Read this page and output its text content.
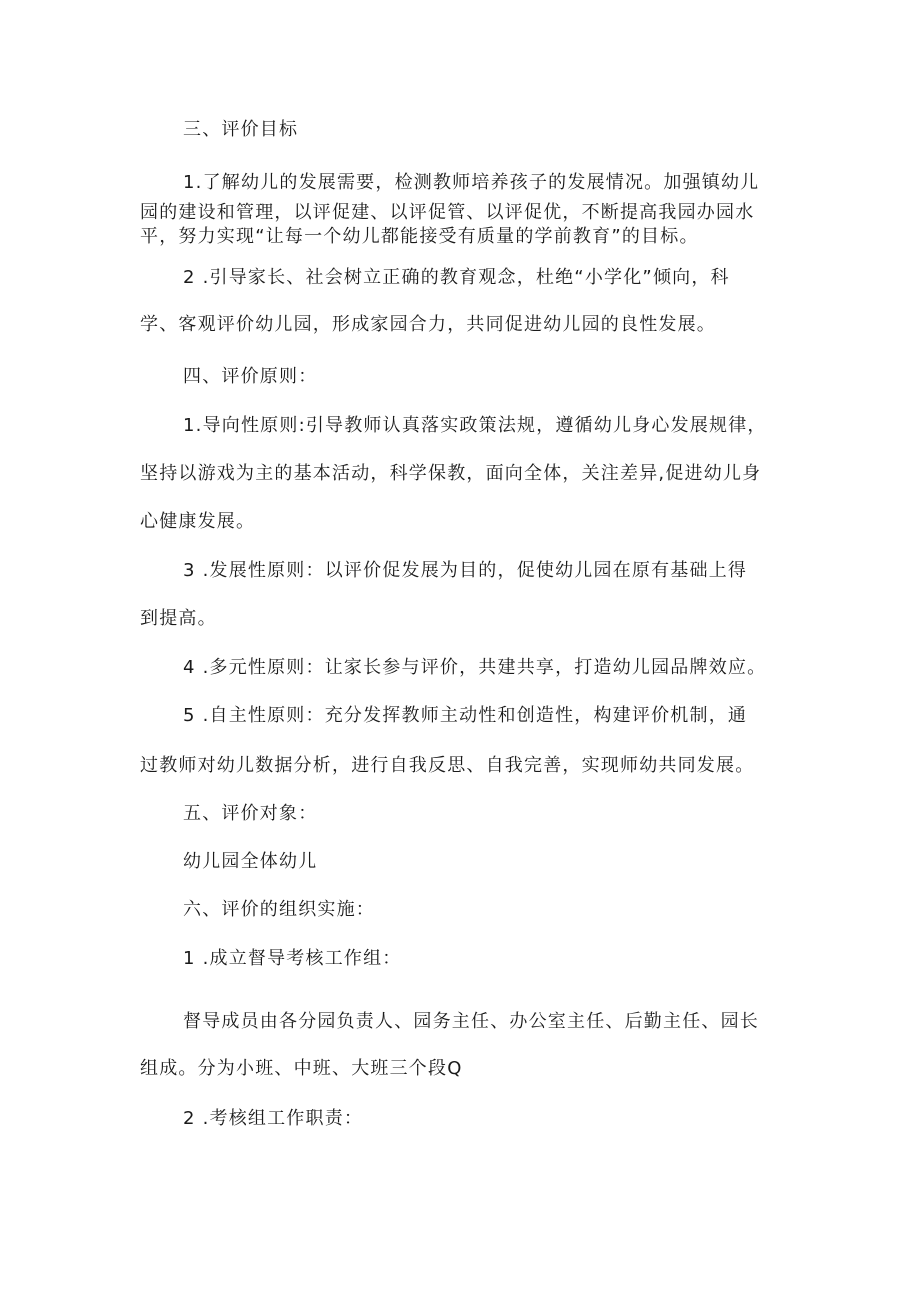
三、评价目标
1.了解幼儿的发展需要，检测教师培养孩子的发展情况。加强镇幼儿
园的建设和管理，以评促建、以评促管、以评促优，不断提高我园办园水
平，努力实现“让每一个幼儿都能接受有质量的学前教育”的目标。
2 .引导家长、社会树立正确的教育观念，杜绝“小学化”倾向，科
学、客观评价幼儿园，形成家园合力，共同促进幼儿园的良性发展。
四、评价原则：
1.导向性原则:引导教师认真落实政策法规，遵循幼儿身心发展规律，
坚持以游戏为主的基本活动，科学保教，面向全体，关注差异,促进幼儿身
心健康发展。
3 .发展性原则：以评价促发展为目的，促使幼儿园在原有基础上得
到提高。
4 .多元性原则：让家长参与评价，共建共享，打造幼儿园品牌效应。
5 .自主性原则：充分发挥教师主动性和创造性，构建评价机制，通
过教师对幼儿数据分析，进行自我反思、自我完善，实现师幼共同发展。
五、评价对象：
幼儿园全体幼儿
六、评价的组织实施：
1 .成立督导考核工作组：
督导成员由各分园负责人、园务主任、办公室主任、后勤主任、园长
组成。分为小班、中班、大班三个段Q
2 .考核组工作职责：
